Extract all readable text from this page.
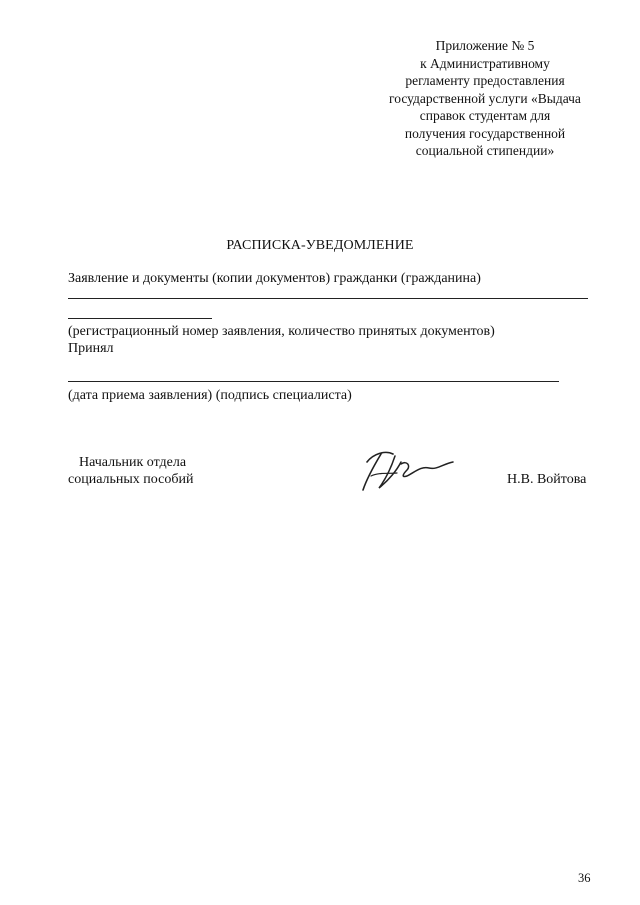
Приложение № 5
к Административному
регламенту предоставления
государственной услуги «Выдача
справок студентам для
получения государственной
социальной стипендии»
РАСПИСКА-УВЕДОМЛЕНИЕ
Заявление и документы (копии документов) гражданки (гражданина)
(регистрационный номер заявления, количество принятых документов)
Принял
(дата приема заявления) (подпись специалиста)
Начальник отдела
социальных пособий	Н.В. Войтова
36
